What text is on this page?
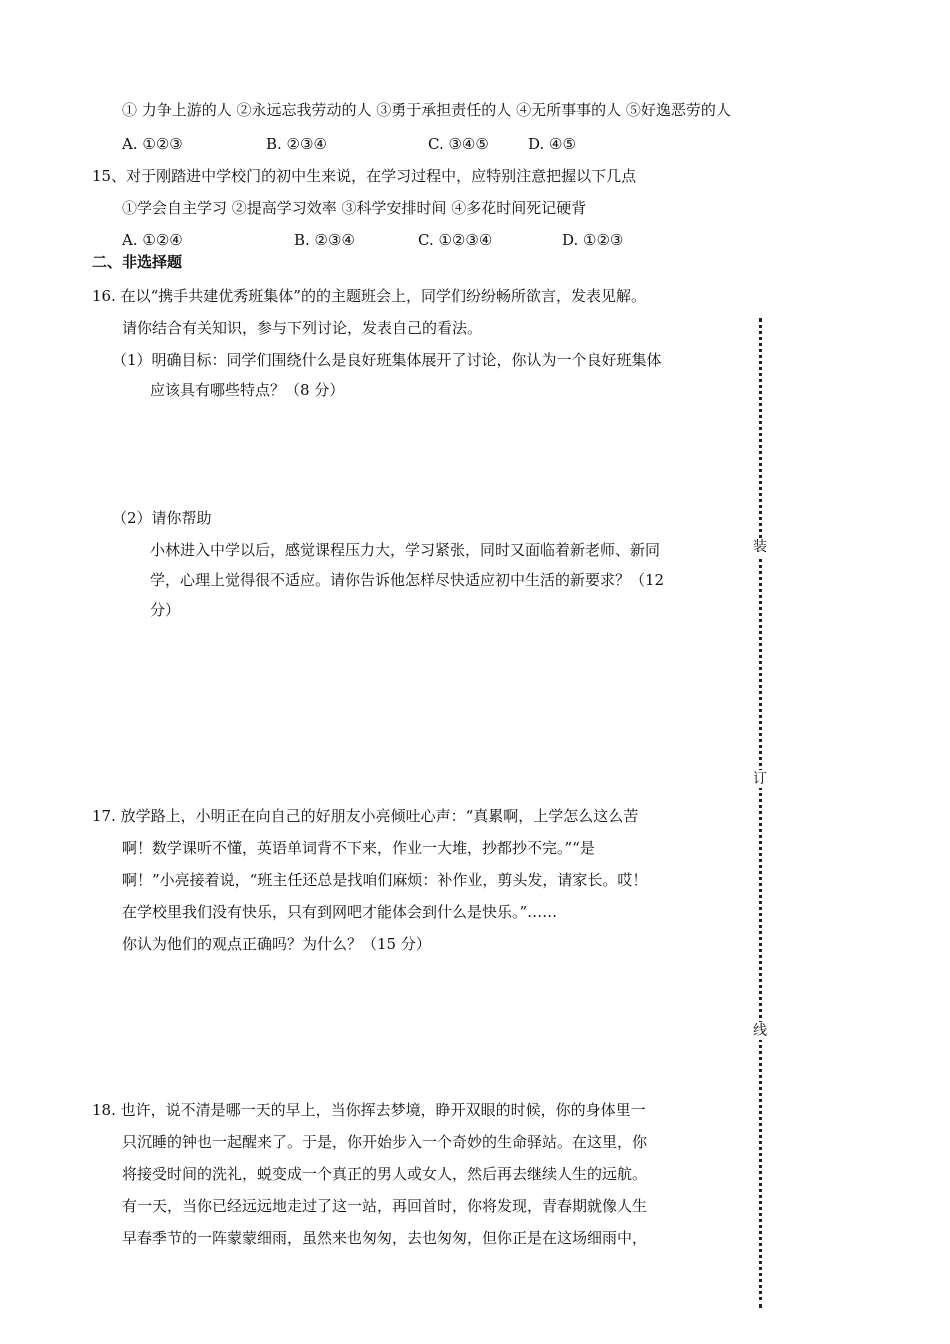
① 力争上游的人 ②永远忘我劳动的人 ③勇于承担责任的人 ④无所事事的人 ⑤好逸恶劳的人
A. ①②③	B. ②③④	C. ③④⑤	D. ④⑤
15、对于刚踏进中学校门的初中生来说，在学习过程中，应特别注意把握以下几点
①学会自主学习 ②提高学习效率 ③科学安排时间 ④多花时间死记硬背
A. ①②④	B. ②③④	C. ①②③④	D. ①②③
二、非选择题
16. 在以“携手共建优秀班集体”的的主题班会上，同学们纷纷畅所欲言，发表见解。
请你结合有关知识，参与下列讨论，发表自己的看法。
（1）明确目标：同学们围绕什么是良好班集体展开了讨论，你认为一个良好班集体
应该具有哪些特点？（8 分）
（2）请你帮助
小林进入中学以后，感觉课程压力大，学习紧张，同时又面临着新老师、新同
学，心理上觉得很不适应。请你告诉他怎样尽快适应初中生活的新要求？（12
分）
17. 放学路上，小明正在向自己的好朋友小亮倾吐心声：“真累啊，上学怎么这么苦
啊！数学课听不懂，英语单词背不下来，作业一大堆，抄都抄不完。”“是
啊！”小亮接着说，“班主任还总是找咱们麻烦：补作业，剪头发，请家长。哎！
在学校里我们没有快乐，只有到网吧才能体会到什么是快乐。”……
你认为他们的观点正确吗？为什么？（15 分）
18. 也许，说不清是哪一天的早上，当你挥去梦境，睁开双眼的时候，你的身体里一
只沉睡的钟也一起醒来了。于是，你开始步入一个奇妙的生命驿站。在这里，你
将接受时间的洗礼，蜕变成一个真正的男人或女人，然后再去继续人生的远航。
有一天，当你已经远远地走过了这一站，再回首时，你将发现，青春期就像人生
早春季节的一阵蒙蒙细雨，虽然来也匆匆，去也匆匆，但你正是在这场细雨中，
装
订
线
